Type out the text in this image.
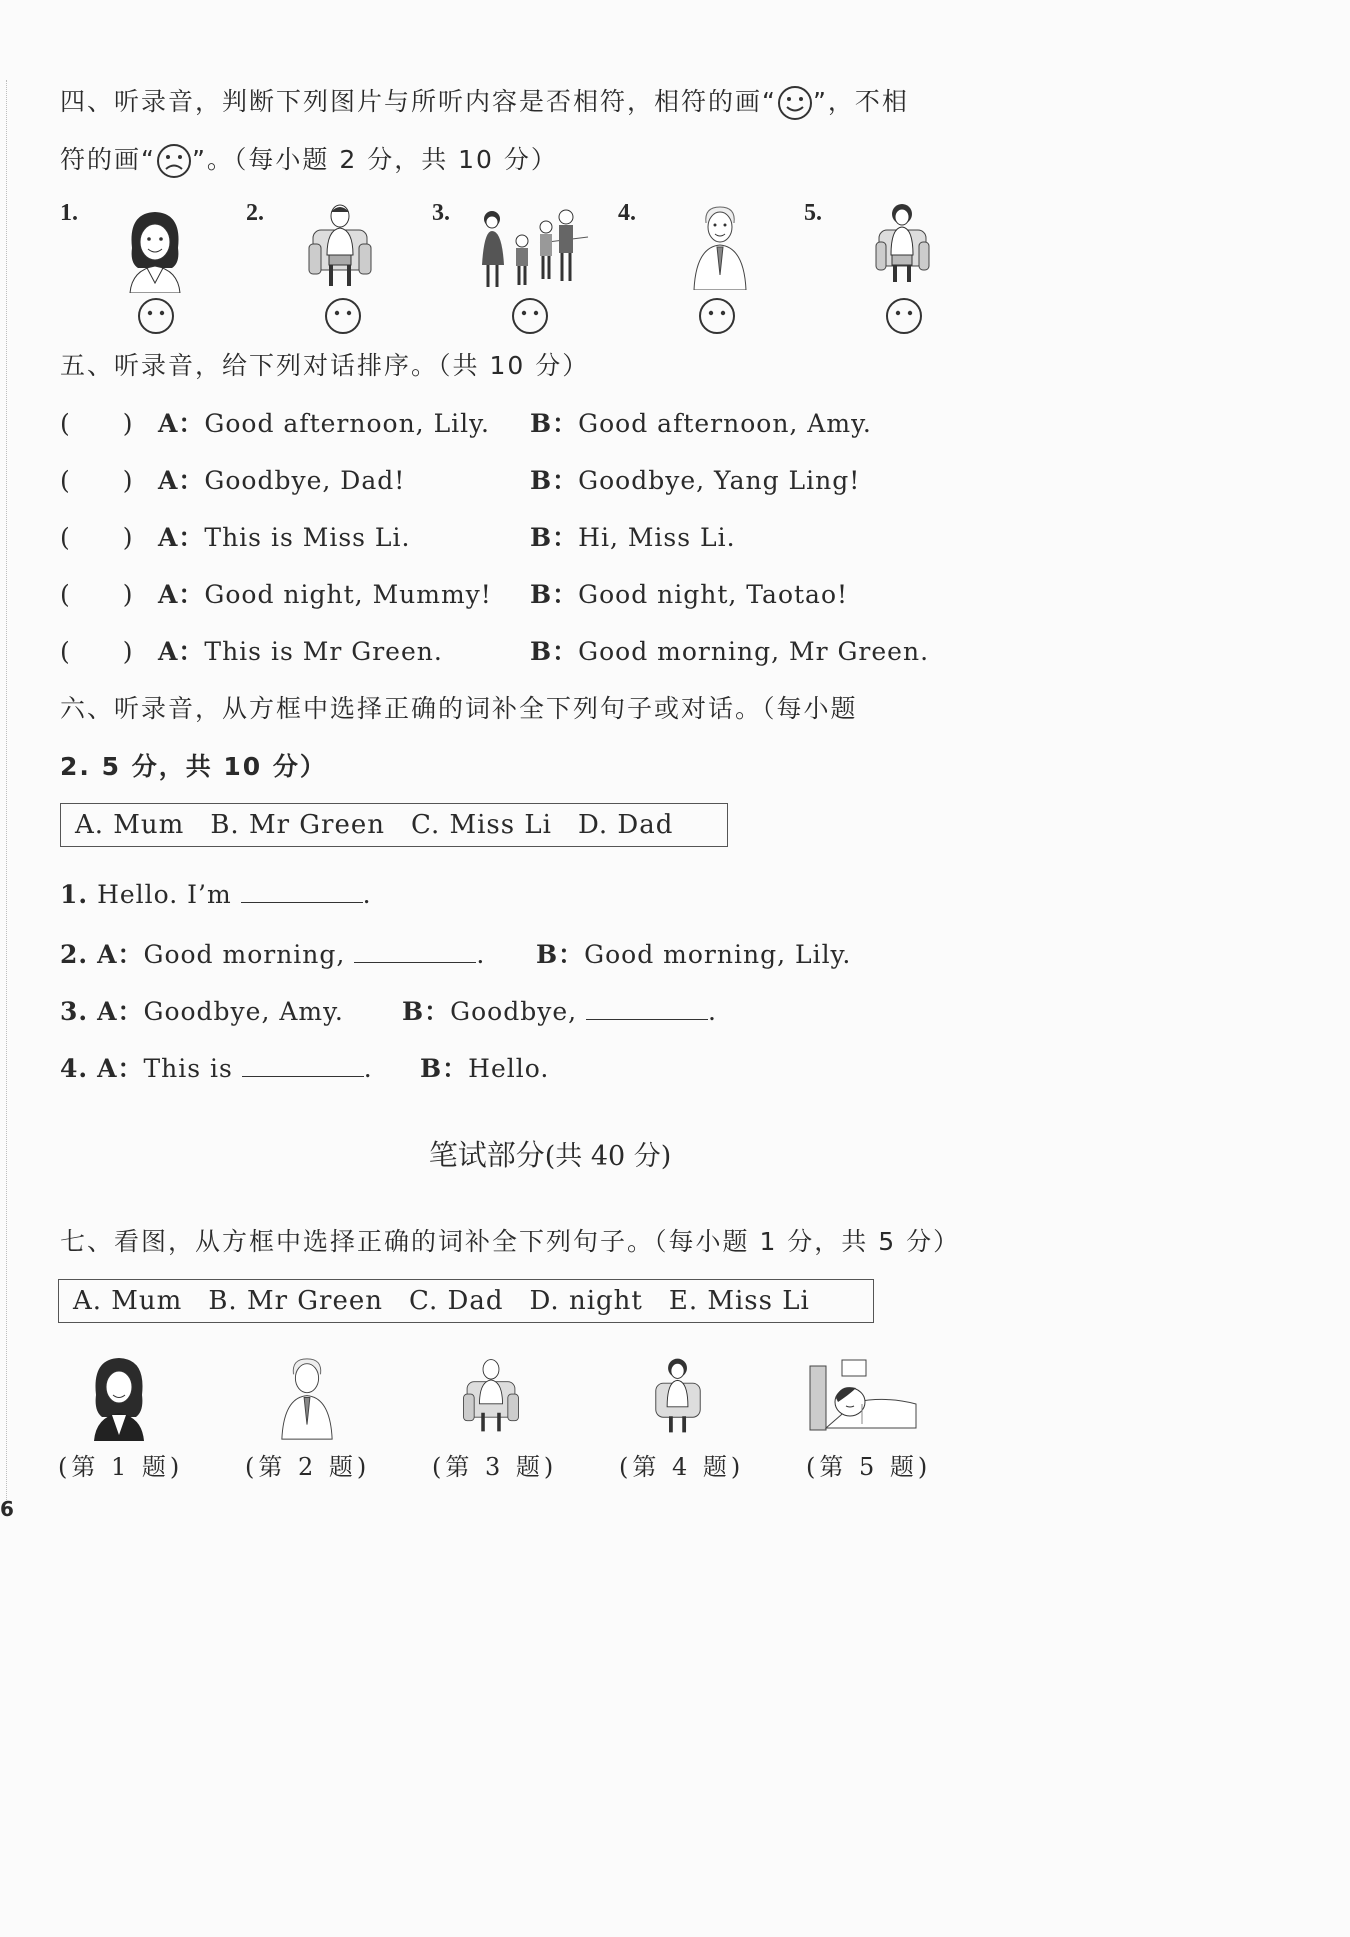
6
四、听录音，判断下列图片与所听内容是否相符，相符的画“ ”，不相
符的画“ ”。（每小题 2 分，共 10 分）
1.	2.	3.	4.	5.
五、听录音，给下列对话排序。（共 10 分）
(　　) A：Good afternoon, Lily. B：Good afternoon, Amy.
(　　) A：Goodbye, Dad!	B：Goodbye, Yang Ling!
(　　) A：This is Miss Li.	B：Hi, Miss Li.
(　　) A：Good night, Mummy! B：Good night, Taotao!
(　　) A：This is Mr Green.	B：Good morning, Mr Green.
六、听录音，从方框中选择正确的词补全下列句子或对话。（每小题
2. 5 分，共 10 分）
A. Mum B. Mr Green C. Miss Li D. Dad
1. Hello. I’m	.
2. A：Good morning,	. B：Good morning, Lily.
3. A：Goodbye, Amy. B：Goodbye,	.
4. A：This is	. B：Hello.
笔试部分(共 40 分)
七、看图，从方框中选择正确的词补全下列句子。（每小题 1 分，共 5 分）
A. Mum B. Mr Green C. Dad D. night E. Miss Li
(第 1 题)	(第 2 题)	(第 3 题)	(第 4 题)	(第 5 题)
